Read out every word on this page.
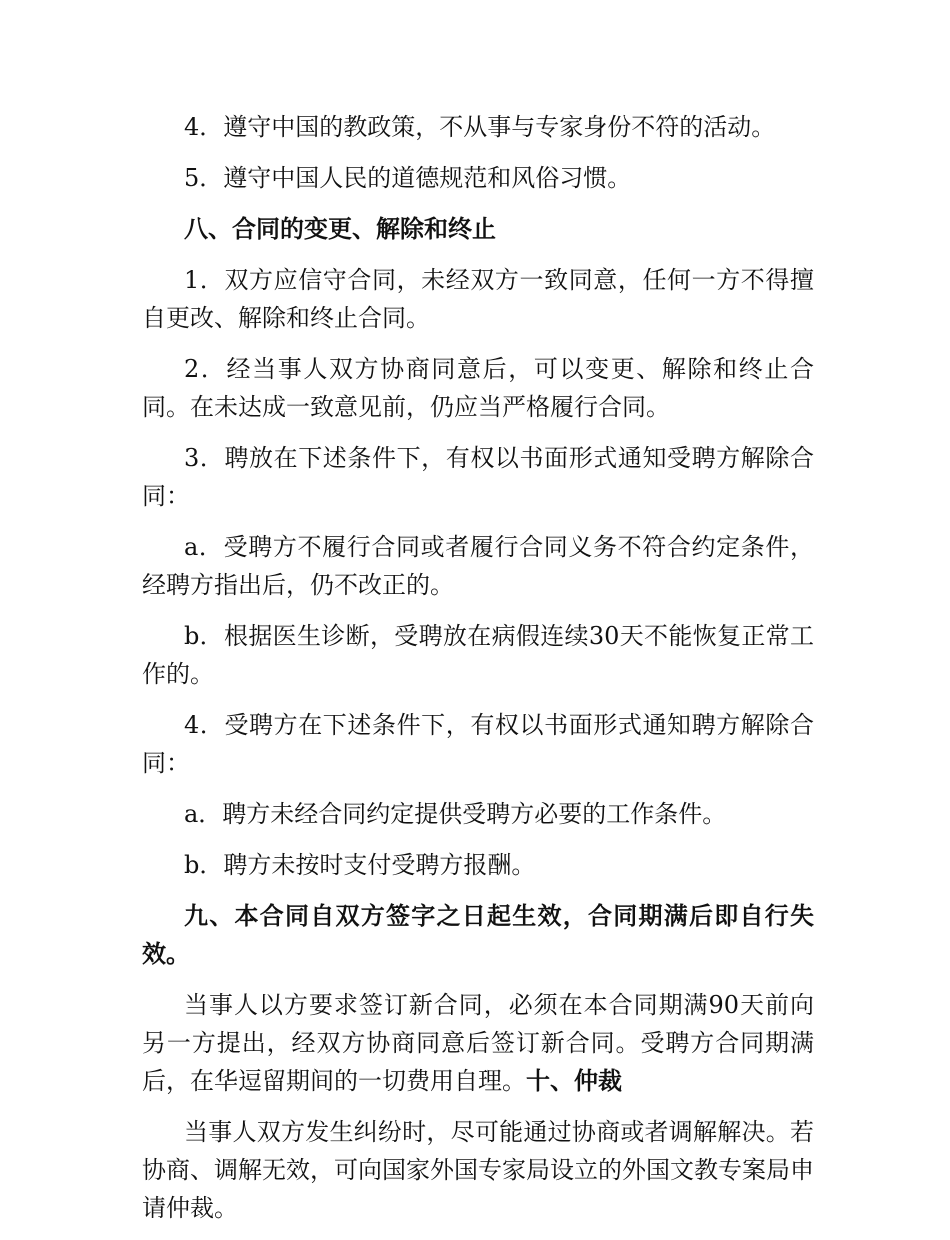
4．遵守中国的教政策，不从事与专家身份不符的活动。

5．遵守中国人民的道德规范和风俗习惯。

八、合同的变更、解除和终止

1．双方应信守合同，未经双方一致同意，任何一方不得擅自更改、解除和终止合同。

2．经当事人双方协商同意后，可以变更、解除和终止合同。在未达成一致意见前，仍应当严格履行合同。

3．聘放在下述条件下，有权以书面形式通知受聘方解除合同：

a．受聘方不履行合同或者履行合同义务不符合约定条件，经聘方指出后，仍不改正的。

b．根据医生诊断，受聘放在病假连续30天不能恢复正常工作的。

4．受聘方在下述条件下，有权以书面形式通知聘方解除合同：

a．聘方未经合同约定提供受聘方必要的工作条件。

b．聘方未按时支付受聘方报酬。

九、本合同自双方签字之日起生效，合同期满后即自行失效。

当事人以方要求签订新合同，必须在本合同期满90天前向另一方提出，经双方协商同意后签订新合同。受聘方合同期满后，在华逗留期间的一切费用自理。十、仲裁

当事人双方发生纠纷时，尽可能通过协商或者调解解决。若协商、调解无效，可向国家外国专家局设立的外国文教专案局申请仲裁。
